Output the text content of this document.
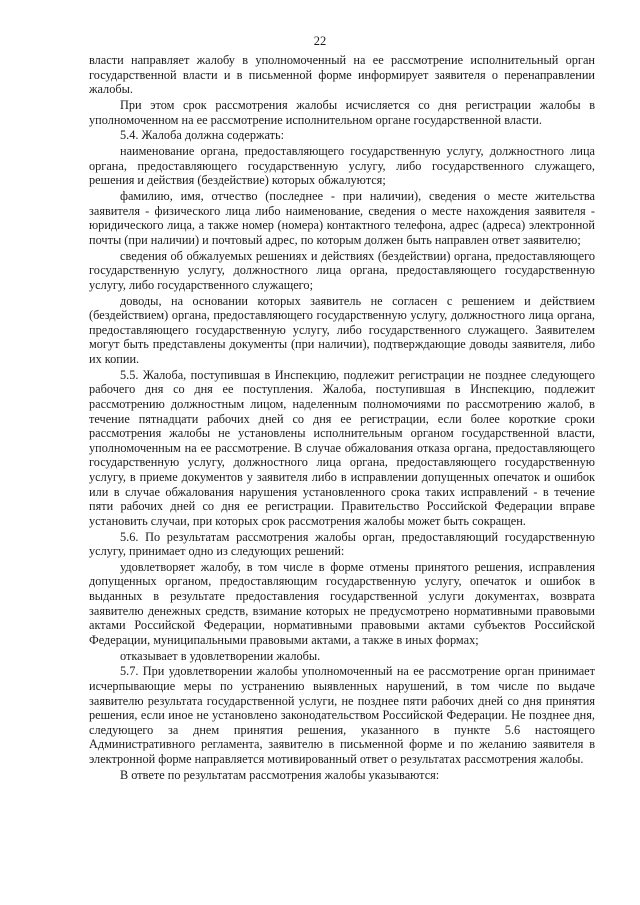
22

власти направляет жалобу в уполномоченный на ее рассмотрение исполнительный орган государственной власти и в письменной форме информирует заявителя о перенаправлении жалобы.

При этом срок рассмотрения жалобы исчисляется со дня регистрации жалобы в уполномоченном на ее рассмотрение исполнительном органе государственной власти.

5.4. Жалоба должна содержать:

наименование органа, предоставляющего государственную услугу, должностного лица органа, предоставляющего государственную услугу, либо государственного служащего, решения и действия (бездействие) которых обжалуются;

фамилию, имя, отчество (последнее - при наличии), сведения о месте жительства заявителя - физического лица либо наименование, сведения о месте нахождения заявителя - юридического лица, а также номер (номера) контактного телефона, адрес (адреса) электронной почты (при наличии) и почтовый адрес, по которым должен быть направлен ответ заявителю;

сведения об обжалуемых решениях и действиях (бездействии) органа, предоставляющего государственную услугу, должностного лица органа, предоставляющего государственную услугу, либо государственного служащего;

доводы, на основании которых заявитель не согласен с решением и действием (бездействием) органа, предоставляющего государственную услугу, должностного лица органа, предоставляющего государственную услугу, либо государственного служащего. Заявителем могут быть представлены документы (при наличии), подтверждающие доводы заявителя, либо их копии.

5.5. Жалоба, поступившая в Инспекцию, подлежит регистрации не позднее следующего рабочего дня со дня ее поступления. Жалоба, поступившая в Инспекцию, подлежит рассмотрению должностным лицом, наделенным полномочиями по рассмотрению жалоб, в течение пятнадцати рабочих дней со дня ее регистрации, если более короткие сроки рассмотрения жалобы не установлены исполнительным органом государственной власти, уполномоченным на ее рассмотрение. В случае обжалования отказа органа, предоставляющего государственную услугу, должностного лица органа, предоставляющего государственную услугу, в приеме документов у заявителя либо в исправлении допущенных опечаток и ошибок или в случае обжалования нарушения установленного срока таких исправлений - в течение пяти рабочих дней со дня ее регистрации. Правительство Российской Федерации вправе установить случаи, при которых срок рассмотрения жалобы может быть сокращен.

5.6. По результатам рассмотрения жалобы орган, предоставляющий государственную услугу, принимает одно из следующих решений:

удовлетворяет жалобу, в том числе в форме отмены принятого решения, исправления допущенных органом, предоставляющим государственную услугу, опечаток и ошибок в выданных в результате предоставления государственной услуги документах, возврата заявителю денежных средств, взимание которых не предусмотрено нормативными правовыми актами Российской Федерации, нормативными правовыми актами субъектов Российской Федерации, муниципальными правовыми актами, а также в иных формах;

отказывает в удовлетворении жалобы.

5.7. При удовлетворении жалобы уполномоченный на ее рассмотрение орган принимает исчерпывающие меры по устранению выявленных нарушений, в том числе по выдаче заявителю результата государственной услуги, не позднее пяти рабочих дней со дня принятия решения, если иное не установлено законодательством Российской Федерации. Не позднее дня, следующего за днем принятия решения, указанного в пункте 5.6 настоящего Административного регламента, заявителю в письменной форме и по желанию заявителя в электронной форме направляется мотивированный ответ о результатах рассмотрения жалобы.

В ответе по результатам рассмотрения жалобы указываются:
